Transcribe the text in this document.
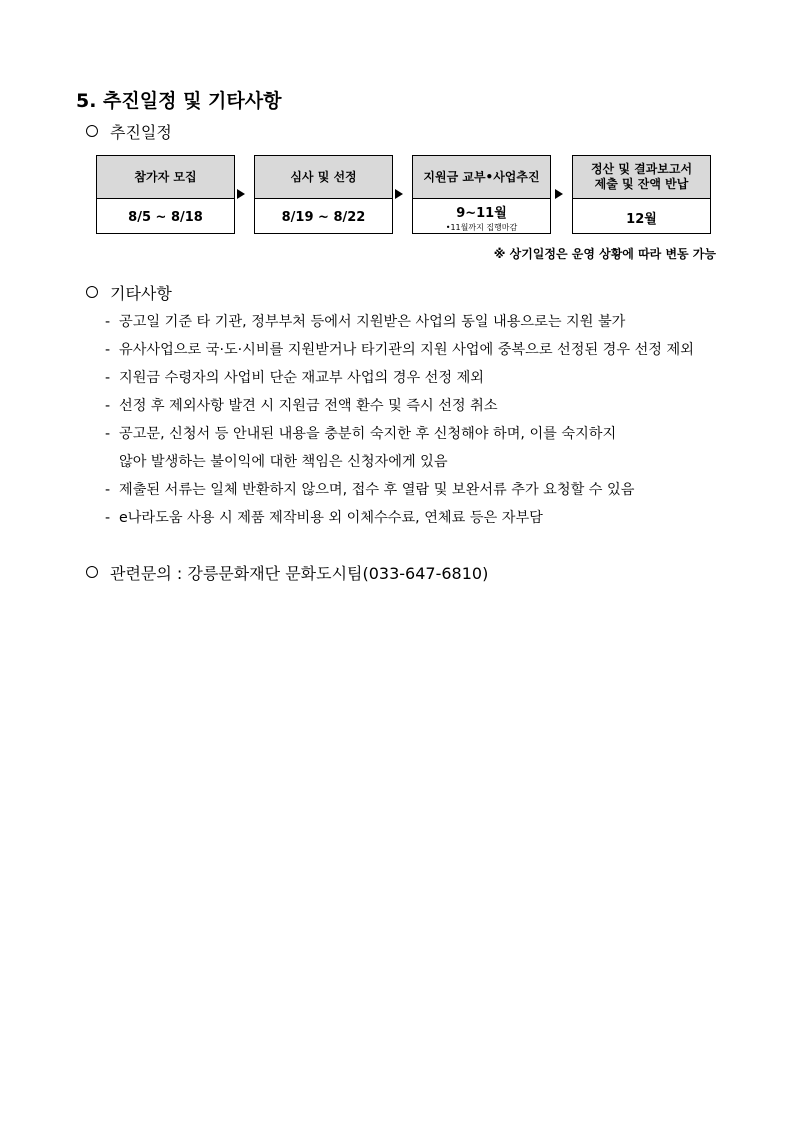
5. 추진일정 및 기타사항
추진일정
참가자 모집
8/5 ~ 8/18
심사 및 선정
8/19 ~ 8/22
지원금 교부•사업추진
9~11월
•11월까지 집행마감
정산 및 결과보고서
제출 및 잔액 반납
12월
※ 상기일정은 운영 상황에 따라 변동 가능
기타사항
- 공고일 기준 타 기관, 정부부처 등에서 지원받은 사업의 동일 내용으로는 지원 불가
- 유사사업으로 국·도·시비를 지원받거나 타기관의 지원 사업에 중복으로 선정된 경우 선정 제외
- 지원금 수령자의 사업비 단순 재교부 사업의 경우 선정 제외
- 선정 후 제외사항 발견 시 지원금 전액 환수 및 즉시 선정 취소
- 공고문, 신청서 등 안내된 내용을 충분히 숙지한 후 신청해야 하며, 이를 숙지하지
않아 발생하는 불이익에 대한 책임은 신청자에게 있음
- 제출된 서류는 일체 반환하지 않으며, 접수 후 열람 및 보완서류 추가 요청할 수 있음
- e나라도움 사용 시 제품 제작비용 외 이체수수료, 연체료 등은 자부담
관련문의 : 강릉문화재단 문화도시팀(033-647-6810)
